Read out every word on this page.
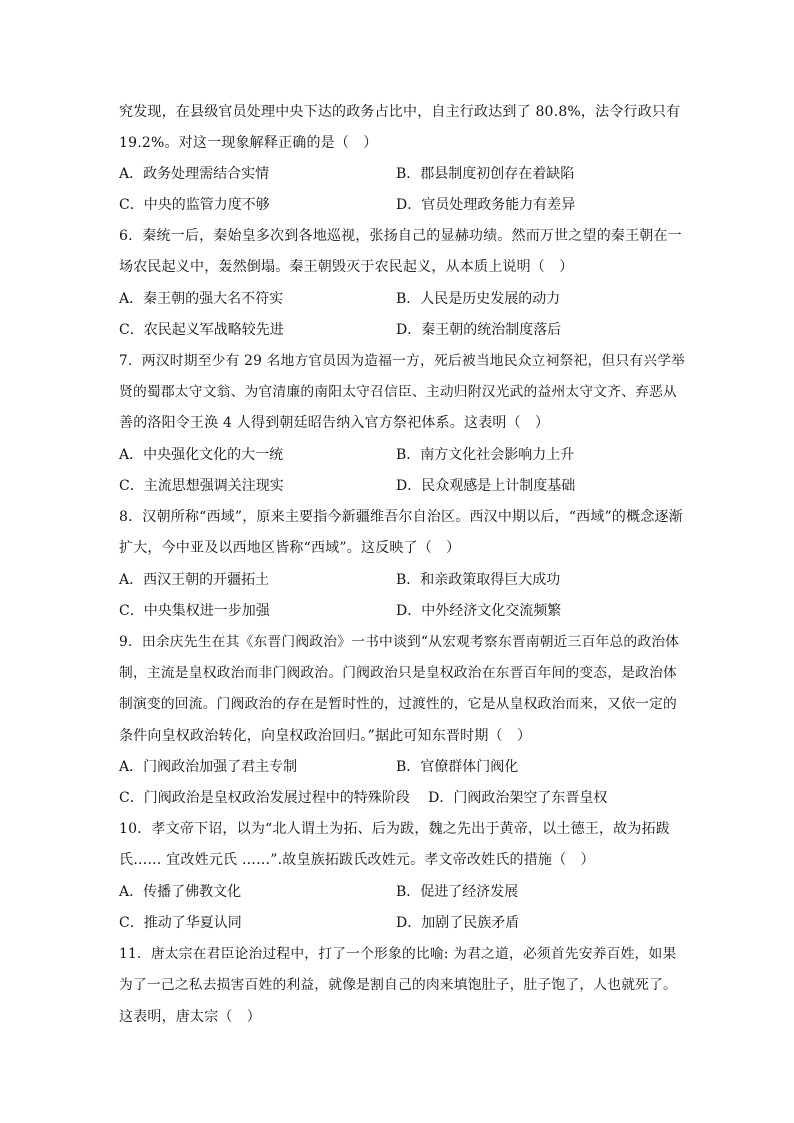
究发现，在县级官员处理中央下达的政务占比中，自主行政达到了 80.8%，法令行政只有
19.2%。对这一现象解释正确的是（　）
A．政务处理需结合实情	B．郡县制度初创存在着缺陷
C．中央的监管力度不够	D．官员处理政务能力有差异
6．秦统一后，秦始皇多次到各地巡视，张扬自己的显赫功绩。然而万世之望的秦王朝在一
场农民起义中，轰然倒塌。秦王朝毁灭于农民起义，从本质上说明（　）
A．秦王朝的强大名不符实	B．人民是历史发展的动力
C．农民起义军战略较先进	D．秦王朝的统治制度落后
7．两汉时期至少有 29 名地方官员因为造福一方，死后被当地民众立祠祭祀，但只有兴学举
贤的蜀郡太守文翁、为官清廉的南阳太守召信臣、主动归附汉光武的益州太守文齐、弃恶从
善的洛阳令王涣 4 人得到朝廷昭告纳入官方祭祀体系。这表明（　）
A．中央强化文化的大一统	B．南方文化社会影响力上升
C．主流思想强调关注现实	D．民众观感是上计制度基础
8．汉朝所称“西域”，原来主要指今新疆维吾尔自治区。西汉中期以后，“西域”的概念逐渐
扩大，今中亚及以西地区皆称“西域”。这反映了（　）
A．西汉王朝的开疆拓土	B．和亲政策取得巨大成功
C．中央集权进一步加强	D．中外经济文化交流频繁
9．田余庆先生在其《东晋门阀政治》一书中谈到“从宏观考察东晋南朝近三百年总的政治体
制，主流是皇权政治而非门阀政治。门阀政治只是皇权政治在东晋百年间的变态，是政治体
制演变的回流。门阀政治的存在是暂时性的，过渡性的，它是从皇权政治而来，又依一定的
条件向皇权政治转化，向皇权政治回归。”据此可知东晋时期（　）
A．门阀政治加强了君主专制	B．官僚群体门阀化
C．门阀政治是皇权政治发展过程中的特殊阶段　 D．门阀政治架空了东晋皇权
10．孝文帝下诏，以为“北人谓土为拓、后为跋，魏之先出于黄帝，以土德王，故为拓跋
氏…… 宜改姓元氏 ……”.故皇族拓跋氏改姓元。孝文帝改姓氏的措施（　）
A．传播了佛教文化	B．促进了经济发展
C．推动了华夏认同	D．加剧了民族矛盾
11．唐太宗在君臣论治过程中，打了一个形象的比喻: 为君之道，必须首先安养百姓，如果
为了一己之私去损害百姓的利益，就像是割自己的肉来填饱肚子，肚子饱了，人也就死了。
这表明，唐太宗（　）
